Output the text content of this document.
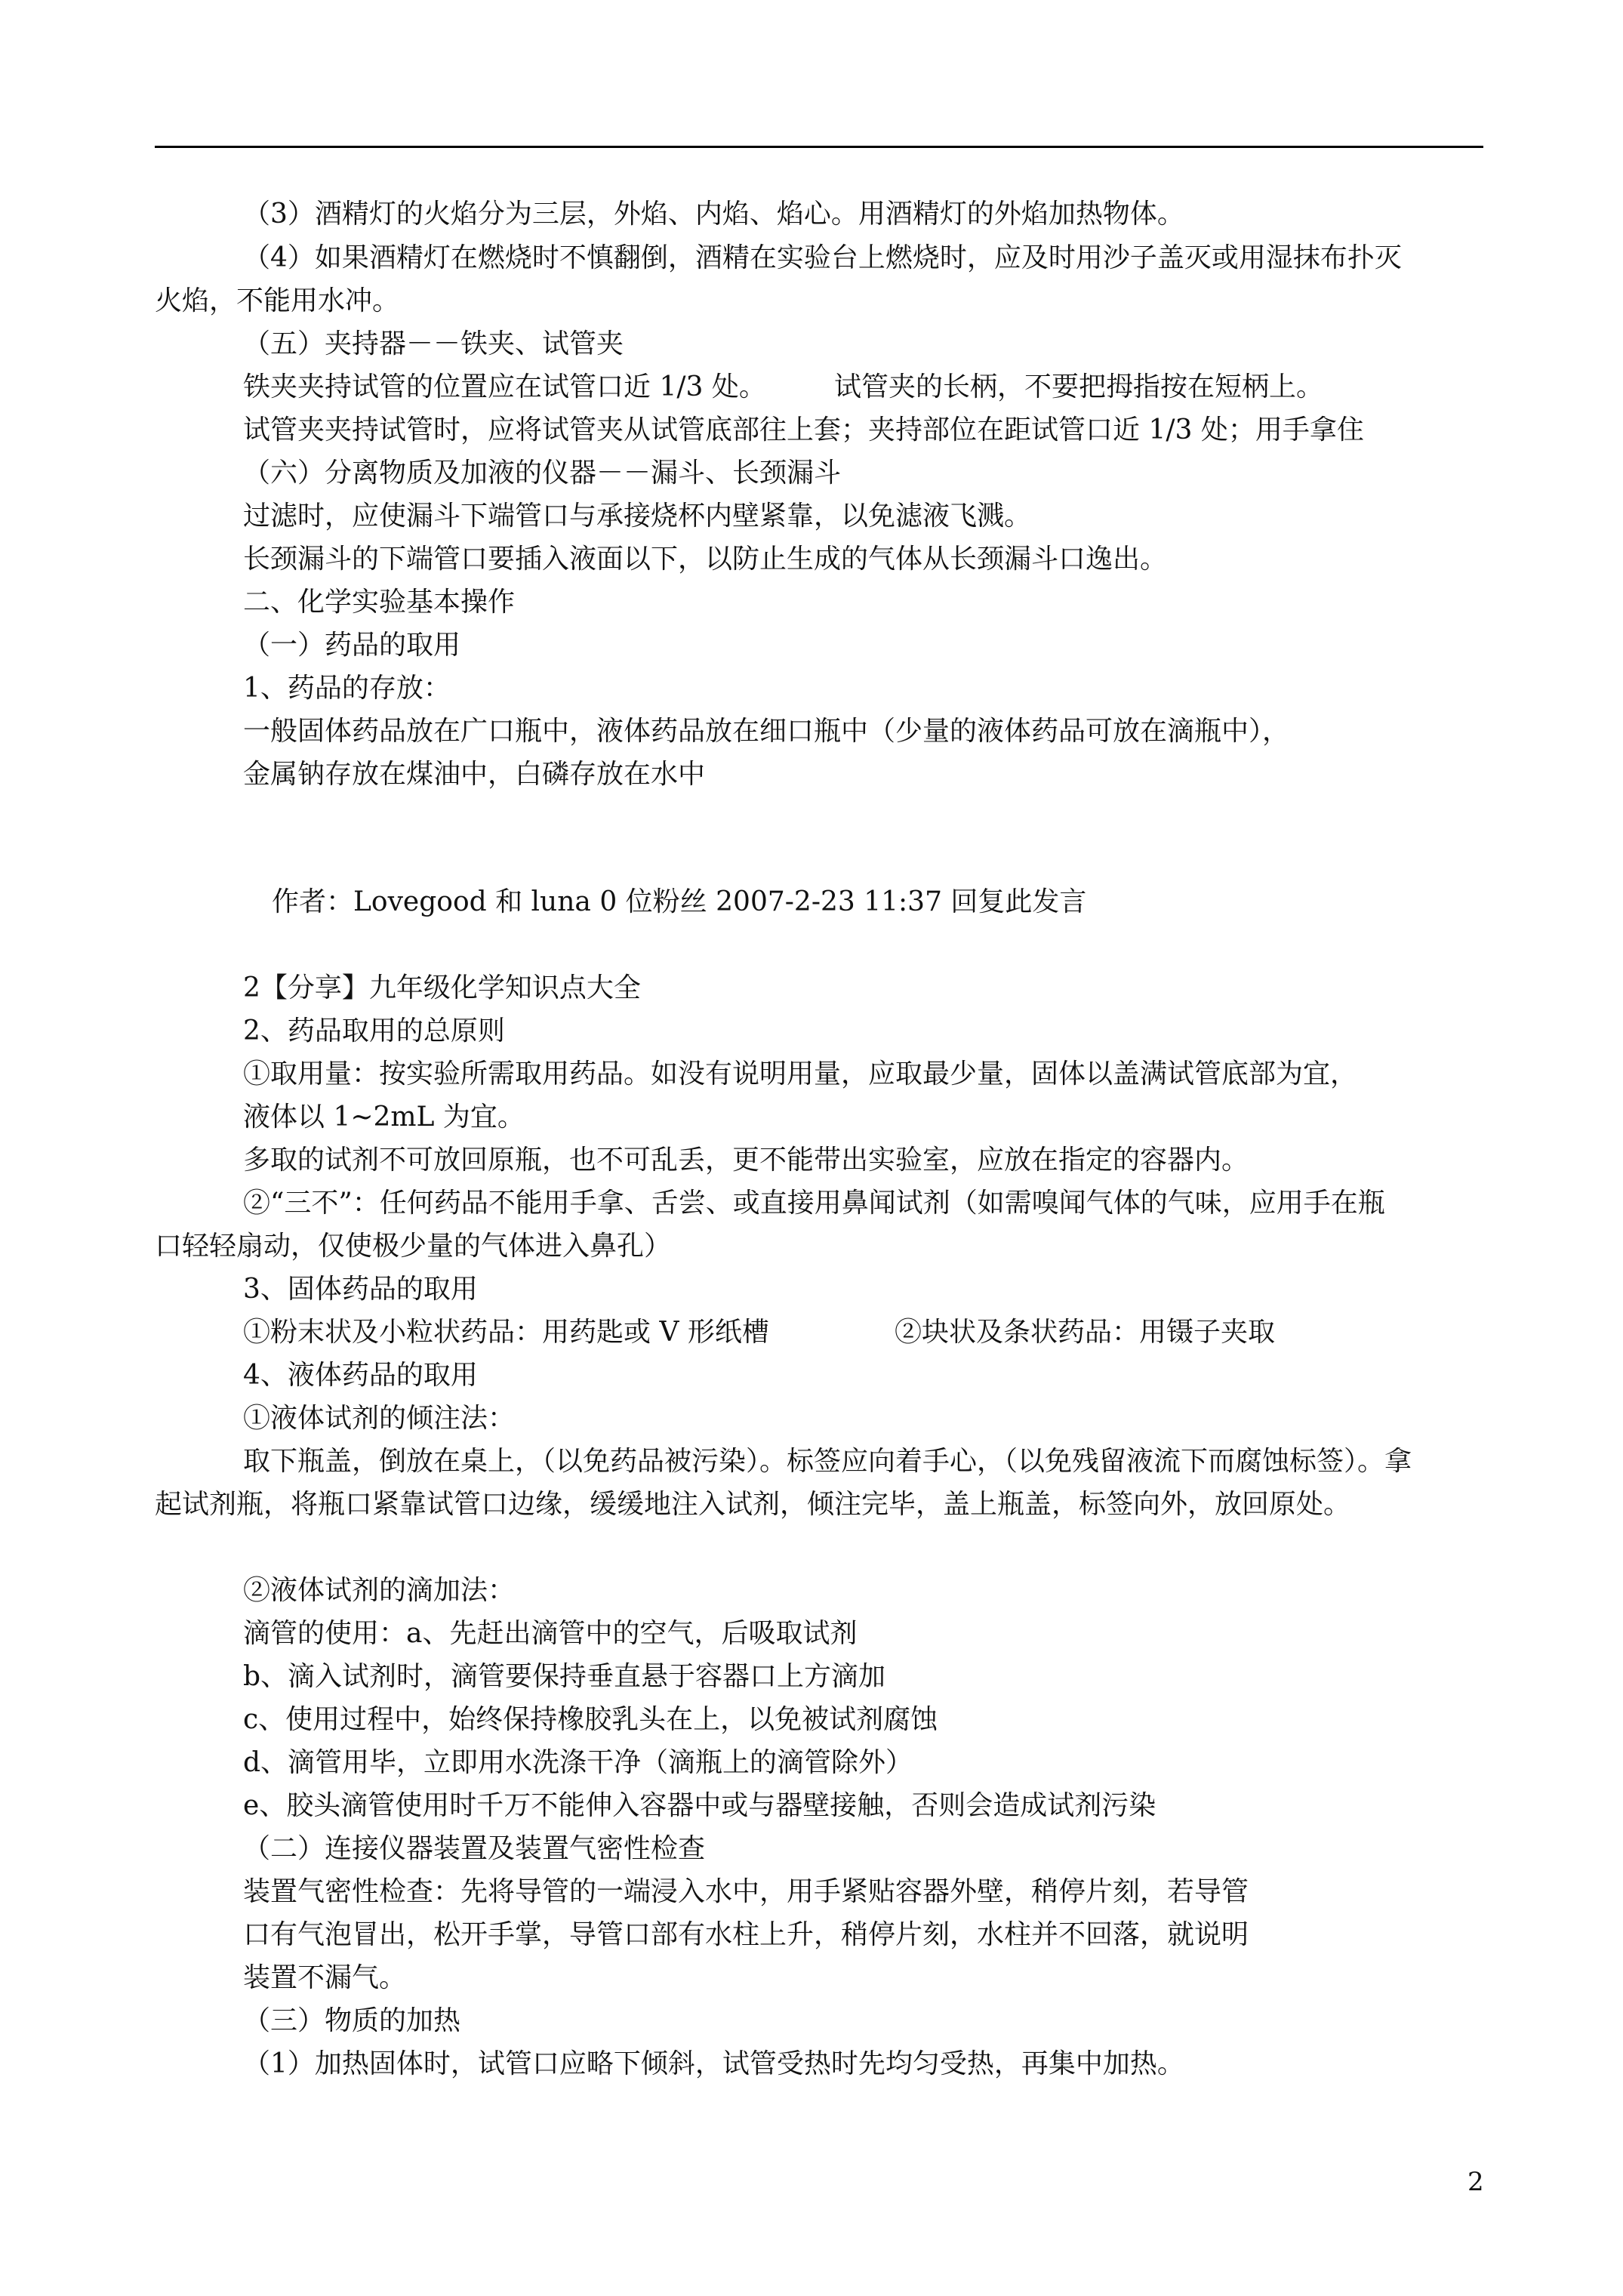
（3）酒精灯的火焰分为三层，外焰、内焰、焰心。用酒精灯的外焰加热物体。
（4）如果酒精灯在燃烧时不慎翻倒，酒精在实验台上燃烧时，应及时用沙子盖灭或用湿抹布扑灭
火焰，不能用水冲。
（五）夹持器－－铁夹、试管夹
铁夹夹持试管的位置应在试管口近 1/3 处。	试管夹的长柄，不要把拇指按在短柄上。
试管夹夹持试管时，应将试管夹从试管底部往上套；夹持部位在距试管口近 1/3 处；用手拿住
（六）分离物质及加液的仪器－－漏斗、长颈漏斗
过滤时，应使漏斗下端管口与承接烧杯内壁紧靠，以免滤液飞溅。
长颈漏斗的下端管口要插入液面以下，以防止生成的气体从长颈漏斗口逸出。
二、化学实验基本操作
（一）药品的取用
1、药品的存放：
一般固体药品放在广口瓶中，液体药品放在细口瓶中（少量的液体药品可放在滴瓶中），
金属钠存放在煤油中，白磷存放在水中
作者：Lovegood 和 luna 0 位粉丝 2007-2-23 11:37 回复此发言
2【分享】九年级化学知识点大全
2、药品取用的总原则
①取用量：按实验所需取用药品。如没有说明用量，应取最少量，固体以盖满试管底部为宜，
液体以 1~2mL 为宜。
多取的试剂不可放回原瓶，也不可乱丢，更不能带出实验室，应放在指定的容器内。
②“三不”：任何药品不能用手拿、舌尝、或直接用鼻闻试剂（如需嗅闻气体的气味，应用手在瓶
口轻轻扇动，仅使极少量的气体进入鼻孔）
3、固体药品的取用
①粉末状及小粒状药品：用药匙或 V 形纸槽	②块状及条状药品：用镊子夹取
4、液体药品的取用
①液体试剂的倾注法：
取下瓶盖，倒放在桌上，（以免药品被污染）。标签应向着手心，（以免残留液流下而腐蚀标签）。拿
起试剂瓶，将瓶口紧靠试管口边缘，缓缓地注入试剂，倾注完毕，盖上瓶盖，标签向外，放回原处。
②液体试剂的滴加法：
滴管的使用：a、先赶出滴管中的空气，后吸取试剂
b、滴入试剂时，滴管要保持垂直悬于容器口上方滴加
c、使用过程中，始终保持橡胶乳头在上，以免被试剂腐蚀
d、滴管用毕，立即用水洗涤干净（滴瓶上的滴管除外）
e、胶头滴管使用时千万不能伸入容器中或与器壁接触，否则会造成试剂污染
（二）连接仪器装置及装置气密性检查
装置气密性检查：先将导管的一端浸入水中，用手紧贴容器外壁，稍停片刻，若导管
口有气泡冒出，松开手掌，导管口部有水柱上升，稍停片刻，水柱并不回落，就说明
装置不漏气。
（三）物质的加热
（1）加热固体时，试管口应略下倾斜，试管受热时先均匀受热，再集中加热。
2
